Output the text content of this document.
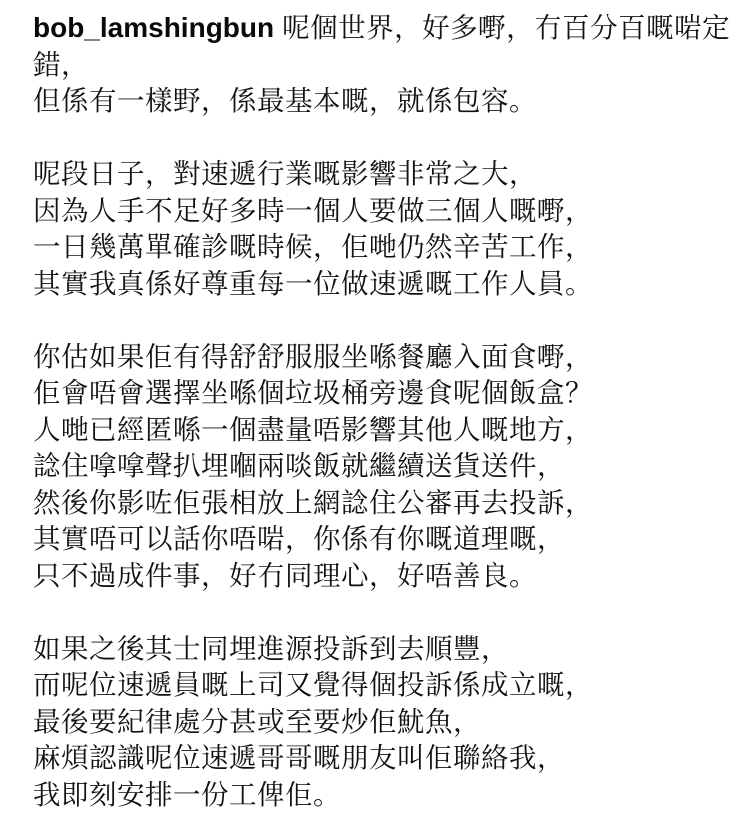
bob_lamshingbun 呢個世界，好多嘢，冇百分百嘅啱定錯，
但係有一樣野，係最基本嘅，就係包容。
呢段日子，對速遞行業嘅影響非常之大，
因為人手不足好多時一個人要做三個人嘅嘢，
一日幾萬單確診嘅時候，佢哋仍然辛苦工作，
其實我真係好尊重每一位做速遞嘅工作人員。
你估如果佢有得舒舒服服坐喺餐廳入面食嘢，
佢會唔會選擇坐喺個垃圾桶旁邊食呢個飯盒？
人哋已經匿喺一個盡量唔影響其他人嘅地方，
諗住嗱嗱聲扒埋嗰兩啖飯就繼續送貨送件，
然後你影咗佢張相放上網諗住公審再去投訴，
其實唔可以話你唔啱，你係有你嘅道理嘅，
只不過成件事，好冇同理心，好唔善良。
如果之後其士同埋進源投訴到去順豐，
而呢位速遞員嘅上司又覺得個投訴係成立嘅，
最後要紀律處分甚或至要炒佢魷魚，
麻煩認識呢位速遞哥哥嘅朋友叫佢聯絡我，
我即刻安排一份工俾佢。
